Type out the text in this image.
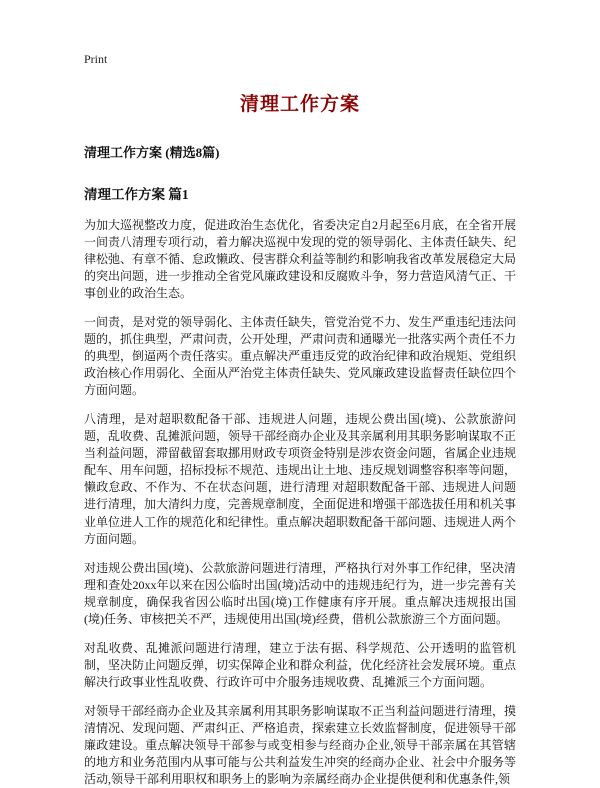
Print
清理工作方案
清理工作方案 (精选8篇)
清理工作方案 篇1

为加大巡视整改力度，促进政治生态优化，省委决定自2月起至6月底，在全省开展一间责八清理专项行动，着力解决巡视中发现的党的领导弱化、主体责任缺失、纪律松弛、有章不循、怠政懒政、侵害群众利益等制约和影响我省改革发展稳定大局的突出问题，进一步推动全省党风廉政建设和反腐败斗争，努力营造风清气正、干事创业的政治生态。

一间责，是对党的领导弱化、主体责任缺失，管党治党不力、发生严重违纪违法问题的，抓住典型，严肃问责，公开处理，严肃问责和通曝光一批落实两个责任不力的典型，倒逼两个责任落实。重点解决严重违反党的政治纪律和政治规矩、党组织政治核心作用弱化、全面从严治党主体责任缺失、党风廉政建设监督责任缺位四个方面问题。

八清理，是对超职数配备干部、违规进人问题，违规公费出国(境)、公款旅游问题，乱收费、乱摊派问题，领导干部经商办企业及其亲属利用其职务影响谋取不正当利益问题，滞留截留套取挪用财政专项资金特别是涉农资金问题，省属企业违规配车、用车问题，招标投标不规范、违规出让土地、违反规划调整容积率等问题，懒政怠政、不作为、不在状态问题，进行清理 对超职数配备干部、违规进人问题进行清理，加大清纠力度，完善规章制度，全面促进和增强干部选拔任用和机关事业单位进人工作的规范化和纪律性。重点解决超职数配备干部问题、违规进人两个方面问题。

对违规公费出国(境)、公款旅游问题进行清理，严格执行对外事工作纪律，坚决清理和查处20xx年以来在因公临时出国(境)活动中的违规违纪行为，进一步完善有关规章制度，确保我省因公临时出国(境)工作健康有序开展。重点解决违规报出国(境)任务、审核把关不严，违规使用出国(境)经费，借机公款旅游三个方面问题。

对乱收费、乱摊派问题进行清理，建立于法有据、科学规范、公开透明的监管机制，坚决防止问题反弹，切实保障企业和群众利益，优化经济社会发展环境。重点解决行政事业性乱收费、行政许可中介服务违规收费、乱摊派三个方面问题。

对领导干部经商办企业及其亲属利用其职务影响谋取不正当利益问题进行清理，摸清情况、发现问题、严肃纠正、严格追责，探索建立长效监督制度，促进领导干部廉政建设。重点解决领导干部参与或变相参与经商办企业,领导干部亲属在其管辖的地方和业务范围内从事可能与公共利益发生冲突的经商办企业、社会中介服务等活动,领导干部利用职权和职务上的影响为亲属经商办企业提供便利和优惠条件,领
